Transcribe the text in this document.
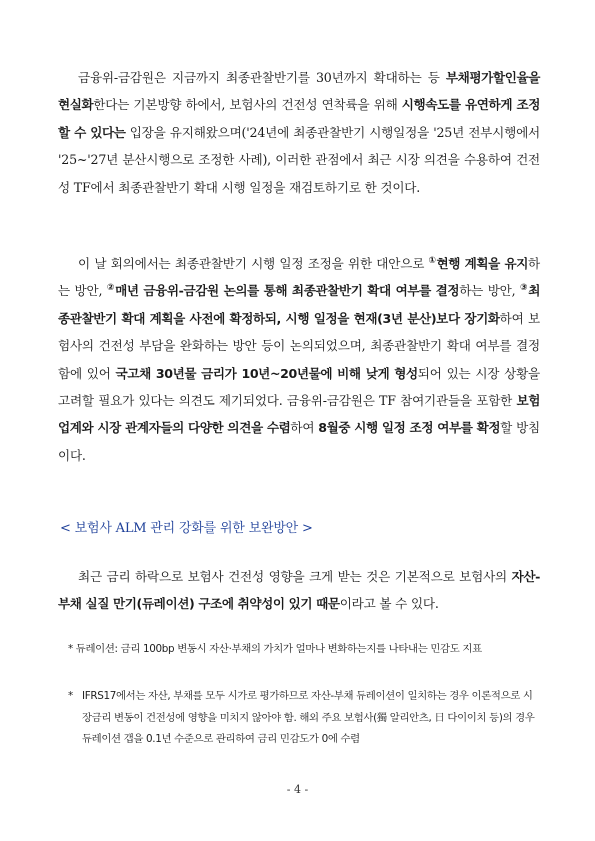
금융위-금감원은 지금까지 최종관찰반기를 30년까지 확대하는 등 부채평가할인율을 현실화한다는 기본방향 하에서, 보험사의 건전성 연착륙을 위해 시행속도를 유연하게 조정할 수 있다는 입장을 유지해왔으며('24년에 최종관찰반기 시행일정을 '25년 전부시행에서 '25~'27년 분산시행으로 조정한 사례), 이러한 관점에서 최근 시장 의견을 수용하여 건전성 TF에서 최종관찰반기 확대 시행 일정을 재검토하기로 한 것이다.

이 날 회의에서는 최종관찰반기 시행 일정 조정을 위한 대안으로 ①현행 계획을 유지하는 방안, ②매년 금융위-금감원 논의를 통해 최종관찰반기 확대 여부를 결정하는 방안, ③최종관찰반기 확대 계획을 사전에 확정하되, 시행 일정을 현재(3년 분산)보다 장기화하여 보험사의 건전성 부담을 완화하는 방안 등이 논의되었으며, 최종관찰반기 확대 여부를 결정함에 있어 국고채 30년물 금리가 10년~20년물에 비해 낮게 형성되어 있는 시장 상황을 고려할 필요가 있다는 의견도 제기되었다. 금융위-금감원은 TF 참여기관들을 포함한 보험업계와 시장 관계자들의 다양한 의견을 수렴하여 8월중 시행 일정 조정 여부를 확정할 방침이다.

< 보험사 ALM 관리 강화를 위한 보완방안 >

최근 금리 하락으로 보험사 건전성 영향을 크게 받는 것은 기본적으로 보험사의 자산-부채 실질 만기(듀레이션) 구조에 취약성이 있기 때문이라고 볼 수 있다.

* 듀레이션: 금리 100bp 변동시 자산·부채의 가치가 얼마나 변화하는지를 나타내는 민감도 지표

* IFRS17에서는 자산, 부채를 모두 시가로 평가하므로 자산-부채 듀레이션이 일치하는 경우 이론적으로 시장금리 변동이 건전성에 영향을 미치지 않아야 함. 해외 주요 보험사(獨 알리안츠, 日 다이이치 등)의 경우 듀레이션 갭을 0.1년 수준으로 관리하여 금리 민감도가 0에 수렴

- 4 -
